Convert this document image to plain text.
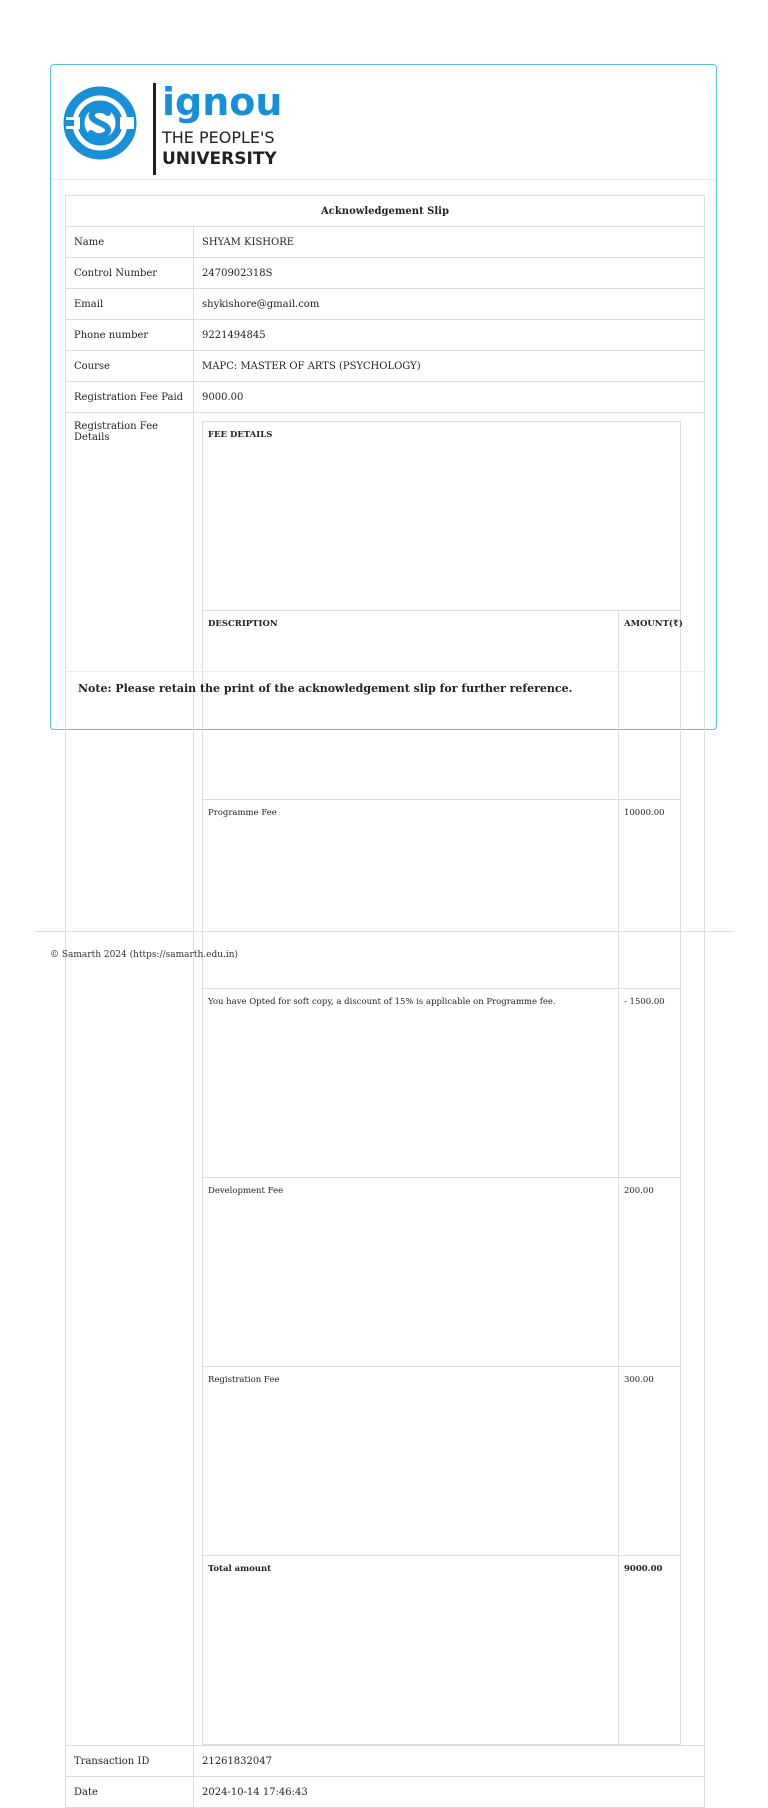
ignou
THE PEOPLE'S
UNIVERSITY
Acknowledgement Slip
Name	SHYAM KISHORE
Control Number	2470902318S
Email	shykishore@gmail.com
Phone number	9221494845
Course	MAPC: MASTER OF ARTS (PSYCHOLOGY)
Registration Fee Paid	9000.00
Registration Fee Details		FEE DETAILS
DESCRIPTION	AMOUNT(₹)
Programme Fee	10000.00
You have Opted for soft copy, a discount of 15% is applicable on Programme fee.	- 1500.00
Development Fee	200.00
Registration Fee	300.00
Total amount	9000.00

Transaction ID	21261832047
Date	2024-10-14 17:46:43
Note: Please retain the print of the acknowledgement slip for further reference.
© Samarth 2024 (https://samarth.edu.in)
